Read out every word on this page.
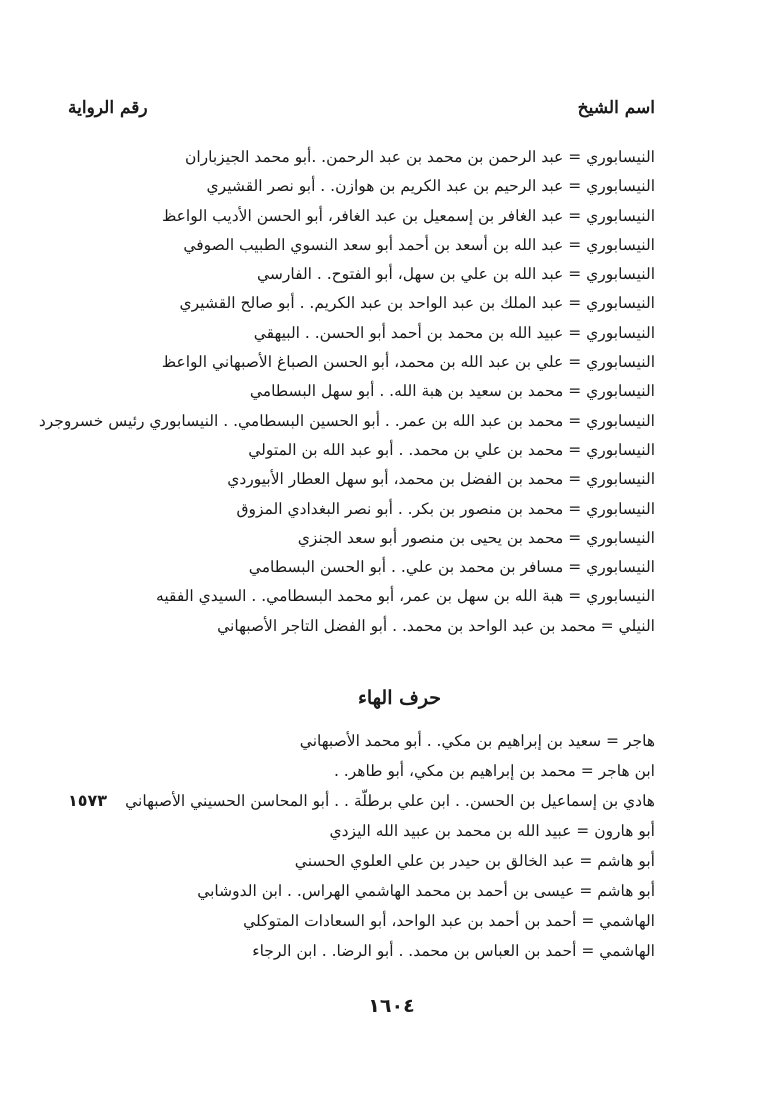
اسم الشيخ
رقم الرواية
النيسابوري = عبد الرحمن بن محمد بن عبد الرحمن. .أبو محمد الجيزباران
النيسابوري = عبد الرحيم بن عبد الكريم بن هوازن. . أبو نصر القشيري
النيسابوري = عبد الغافر بن إسمعيل بن عبد الغافر، أبو الحسن الأديب الواعظ
النيسابوري = عبد الله بن أسعد بن أحمد أبو سعد النسوي الطبيب الصوفي
النيسابوري = عبد الله بن علي بن سهل، أبو الفتوح. . الفارسي
النيسابوري = عبد الملك بن عبد الواحد بن عبد الكريم. . أبو صالح القشيري
النيسابوري = عبيد الله بن محمد بن أحمد أبو الحسن. . البيهقي
النيسابوري = علي بن عبد الله بن محمد، أبو الحسن الصباغ الأصبهاني الواعظ
النيسابوري = محمد بن سعيد بن هبة الله. . أبو سهل البسطامي
النيسابوري = محمد بن عبد الله بن عمر. . أبو الحسين البسطامي. . النيسابوري رئيس خسروجرد
النيسابوري = محمد بن علي بن محمد. . أبو عبد الله بن المتولي
النيسابوري = محمد بن الفضل بن محمد، أبو سهل العطار الأبيوردي
النيسابوري = محمد بن منصور بن بكر. . أبو نصر البغدادي المزوق
النيسابوري = محمد بن يحيى بن منصور أبو سعد الجنزي
النيسابوري = مسافر بن محمد بن علي. . أبو الحسن البسطامي
النيسابوري = هبة الله بن سهل بن عمر، أبو محمد البسطامي. . السيدي الفقيه
النيلي = محمد بن عبد الواحد بن محمد. . أبو الفضل التاجر الأصبهاني
حرف الهاء
هاجر = سعيد بن إبراهيم بن مكي. . أبو محمد الأصبهاني
ابن هاجر = محمد بن إبراهيم بن مكي، أبو طاهر. .
هادي بن إسماعيل بن الحسن. . ابن علي برطلّة . . أبو المحاسن الحسيني الأصبهاني
أبو هارون = عبيد الله بن محمد بن عبيد الله اليزدي
أبو هاشم = عبد الخالق بن حيدر بن علي العلوي الحسني
أبو هاشم = عيسى بن أحمد بن محمد الهاشمي الهراس. . ابن الدوشابي
الهاشمي = أحمد بن أحمد بن عبد الواحد، أبو السعادات المتوكلي
الهاشمي = أحمد بن العباس بن محمد. . أبو الرضا. . ابن الرجاء
١٥٧٣
١٦٠٤
